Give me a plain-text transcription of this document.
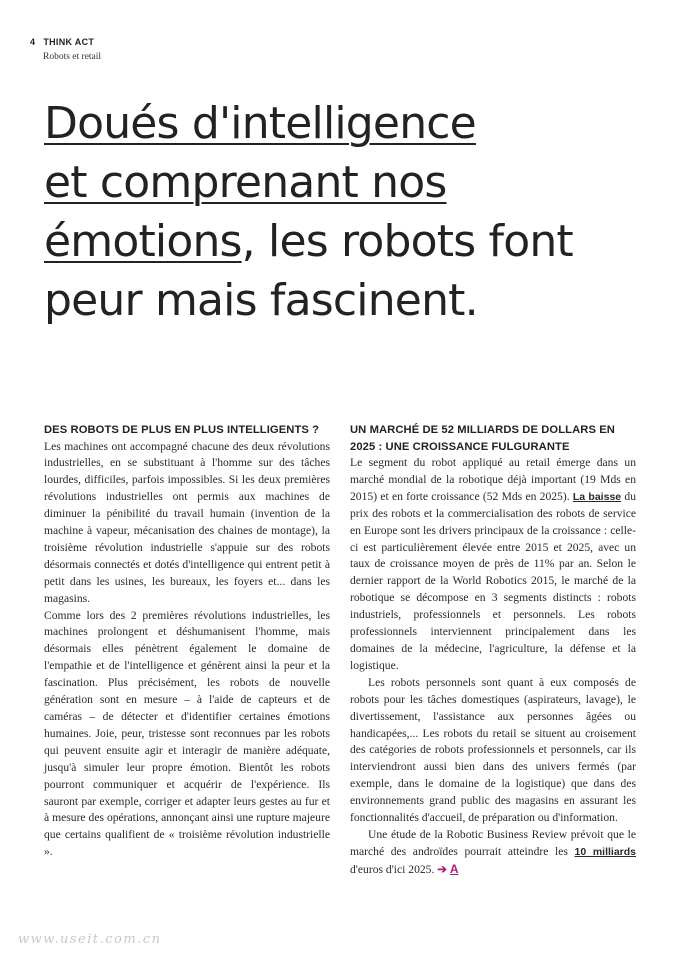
4 THINK ACT
Robots et retail
Doués d'intelligence
et comprenant nos
émotions, les robots font
peur mais fascinent.
DES ROBOTS DE PLUS EN PLUS INTELLIGENTS ?

Les machines ont accompagné chacune des deux révolutions industrielles, en se substituant à l'homme sur des tâches lourdes, difficiles, parfois impossibles. Si les deux premières révolutions industrielles ont permis aux machines de diminuer la pénibilité du travail humain (invention de la machine à vapeur, mécanisation des chaines de montage), la troisième révolution industrielle s'appuie sur des robots désormais connectés et dotés d'intelligence qui entrent petit à petit dans les usines, les bureaux, les foyers et... dans les magasins.

Comme lors des 2 premières révolutions industrielles, les machines prolongent et déshumanisent l'homme, mais désormais elles pénètrent également le domaine de l'empathie et de l'intelligence et génèrent ainsi la peur et la fascination. Plus précisément, les robots de nouvelle génération sont en mesure – à l'aide de capteurs et de caméras – de détecter et d'identifier certaines émotions humaines. Joie, peur, tristesse sont reconnues par les robots qui peuvent ensuite agir et interagir de manière adéquate, jusqu'à simuler leur propre émotion. Bientôt les robots pourront communiquer et acquérir de l'expérience. Ils sauront par exemple, corriger et adapter leurs gestes au fur et à mesure des opérations, annonçant ainsi une rupture majeure que certains qualifient de « troisième révolution industrielle ».

UN MARCHÉ DE 52 MILLIARDS DE DOLLARS EN 2025 : UNE CROISSANCE FULGURANTE

Le segment du robot appliqué au retail émerge dans un marché mondial de la robotique déjà important (19 Mds en 2015) et en forte croissance (52 Mds en 2025). La baisse du prix des robots et la commercialisation des robots de service en Europe sont les drivers principaux de la croissance : celle-ci est particulièrement élevée entre 2015 et 2025, avec un taux de croissance moyen de près de 11% par an. Selon le dernier rapport de la World Robotics 2015, le marché de la robotique se décompose en 3 segments distincts : robots industriels, professionnels et personnels. Les robots professionnels interviennent principalement dans les domaines de la médecine, l'agriculture, la défense et la logistique.

Les robots personnels sont quant à eux composés de robots pour les tâches domestiques (aspirateurs, lavage), le divertissement, l'assistance aux personnes âgées ou handicapées,... Les robots du retail se situent au croisement des catégories de robots professionnels et personnels, car ils interviendront aussi bien dans des univers fermés (par exemple, dans le domaine de la logistique) que dans des environnements grand public des magasins en assurant les fonctionnalités d'accueil, de préparation ou d'information.

Une étude de la Robotic Business Review prévoit que le marché des androïdes pourrait atteindre les 10 milliards d'euros d'ici 2025. ➔ A

www.useit.com.cn
